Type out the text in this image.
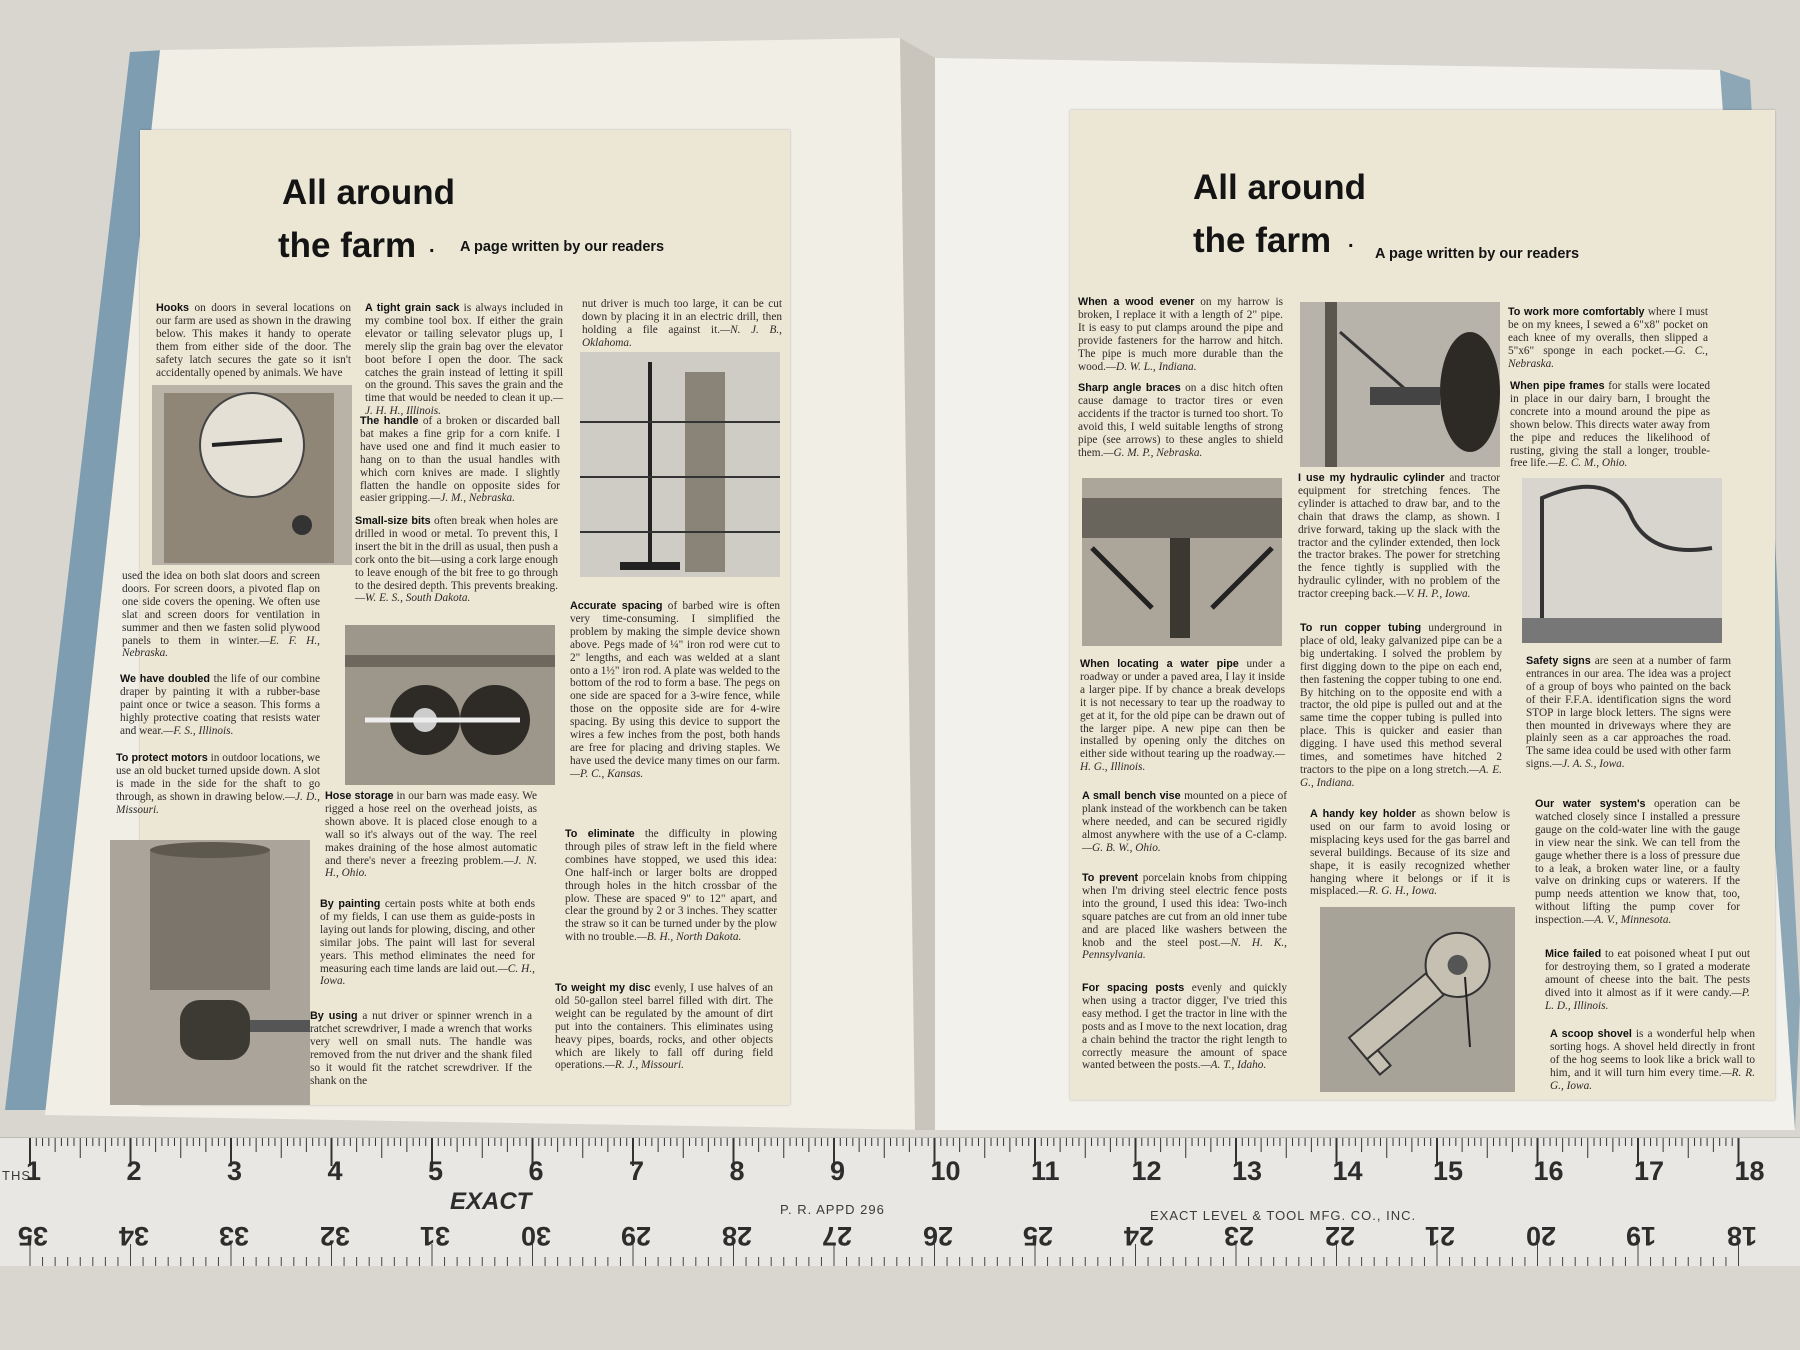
All around
the farm . A page written by our readers
Hooks on doors in several locations on our farm are used as shown in the drawing below. This makes it handy to operate them from either side of the door. The safety latch secures the gate so it isn't accidentally opened by animals. We have
used the idea on both slat doors and screen doors. For screen doors, a pivoted flap on one side covers the opening. We often use slat and screen doors for ventilation in summer and then we fasten solid plywood panels to them in winter.—E. F. H., Nebraska.
We have doubled the life of our combine draper by painting it with a rubber-base paint once or twice a season. This forms a highly protective coating that resists water and wear.—F. S., Illinois.
To protect motors in outdoor locations, we use an old bucket turned upside down. A slot is made in the side for the shaft to go through, as shown in drawing below.—J. D., Missouri.
A tight grain sack is always included in my combine tool box. If either the grain elevator or tailing selevator plugs up, I merely slip the grain bag over the elevator boot before I open the door. The sack catches the grain instead of letting it spill on the ground. This saves the grain and the time that would be needed to clean it up.—J. H. H., Illinois.
The handle of a broken or discarded ball bat makes a fine grip for a corn knife. I have used one and find it much easier to hang on to than the usual handles with which corn knives are made. I slightly flatten the handle on opposite sides for easier gripping.—J. M., Nebraska.
Small-size bits often break when holes are drilled in wood or metal. To prevent this, I insert the bit in the drill as usual, then push a cork onto the bit—using a cork large enough to leave enough of the bit free to go through to the desired depth. This prevents breaking.—W. E. S., South Dakota.
Hose storage in our barn was made easy. We rigged a hose reel on the overhead joists, as shown above. It is placed close enough to a wall so it's always out of the way. The reel makes draining of the hose almost automatic and there's never a freezing problem.—J. N. H., Ohio.
By painting certain posts white at both ends of my fields, I can use them as guide-posts in laying out lands for plowing, discing, and other similar jobs. The paint will last for several years. This method eliminates the need for measuring each time lands are laid out.—C. H., Iowa.
By using a nut driver or spinner wrench in a ratchet screwdriver, I made a wrench that works very well on small nuts. The handle was removed from the nut driver and the shank filed so it would fit the ratchet screwdriver. If the shank on the
nut driver is much too large, it can be cut down by placing it in an electric drill, then holding a file against it.—N. J. B., Oklahoma.
Accurate spacing of barbed wire is often very time-consuming. I simplified the problem by making the simple device shown above. Pegs made of ¼" iron rod were cut to 2" lengths, and each was welded at a slant onto a 1½" iron rod. A plate was welded to the bottom of the rod to form a base. The pegs on one side are spaced for a 3-wire fence, while those on the opposite side are for 4-wire spacing. By using this device to support the wires a few inches from the post, both hands are free for placing and driving staples. We have used the device many times on our farm.—P. C., Kansas.
To eliminate the difficulty in plowing through piles of straw left in the field where combines have stopped, we used this idea: One half-inch or larger bolts are dropped through holes in the hitch crossbar of the plow. These are spaced 9" to 12" apart, and clear the ground by 2 or 3 inches. They scatter the straw so it can be turned under by the plow with no trouble.—B. H., North Dakota.
To weight my disc evenly, I use halves of an old 50-gallon steel barrel filled with dirt. The weight can be regulated by the amount of dirt put into the containers. This eliminates using heavy pipes, boards, rocks, and other objects which are likely to fall off during field operations.—R. J., Missouri.
All around
the farm .
A page written by our readers
When a wood evener on my harrow is broken, I replace it with a length of 2" pipe. It is easy to put clamps around the pipe and provide fasteners for the harrow and hitch. The pipe is much more durable than the wood.—D. W. L., Indiana.
Sharp angle braces on a disc hitch often cause damage to tractor tires or even accidents if the tractor is turned too short. To avoid this, I weld suitable lengths of strong pipe (see arrows) to these angles to shield them.—G. M. P., Nebraska.
When locating a water pipe under a roadway or under a paved area, I lay it inside a larger pipe. If by chance a break develops it is not necessary to tear up the roadway to get at it, for the old pipe can be drawn out of the larger pipe. A new pipe can then be installed by opening only the ditches on either side without tearing up the roadway.—H. G., Illinois.
A small bench vise mounted on a piece of plank instead of the workbench can be taken where needed, and can be secured rigidly almost anywhere with the use of a C-clamp.—G. B. W., Ohio.
To prevent porcelain knobs from chipping when I'm driving steel electric fence posts into the ground, I used this idea: Two-inch square patches are cut from an old inner tube and are placed like washers between the knob and the steel post.—N. H. K., Pennsylvania.
For spacing posts evenly and quickly when using a tractor digger, I've tried this easy method. I get the tractor in line with the posts and as I move to the next location, drag a chain behind the tractor the right length to correctly measure the amount of space wanted between the posts.—A. T., Idaho.
I use my hydraulic cylinder and tractor equipment for stretching fences. The cylinder is attached to draw bar, and to the chain that draws the clamp, as shown. I drive forward, taking up the slack with the tractor and the cylinder extended, then lock the tractor brakes. The power for stretching the fence tightly is supplied with the hydraulic cylinder, with no problem of the tractor creeping back.—V. H. P., Iowa.
To run copper tubing underground in place of old, leaky galvanized pipe can be a big undertaking. I solved the problem by first digging down to the pipe on each end, then fastening the copper tubing to one end. By hitching on to the opposite end with a tractor, the old pipe is pulled out and at the same time the copper tubing is pulled into place. This is quicker and easier than digging. I have used this method several times, and sometimes have hitched 2 tractors to the pipe on a long stretch.—A. E. G., Indiana.
A handy key holder as shown below is used on our farm to avoid losing or misplacing keys used for the gas barrel and several buildings. Because of its size and shape, it is easily recognized whether hanging where it belongs or if it is misplaced.—R. G. H., Iowa.
To work more comfortably where I must be on my knees, I sewed a 6"x8" pocket on each knee of my overalls, then slipped a 5"x6" sponge in each pocket.—G. C., Nebraska.
When pipe frames for stalls were located in place in our dairy barn, I brought the concrete into a mound around the pipe as shown below. This directs water away from the pipe and reduces the likelihood of rusting, giving the stall a longer, trouble-free life.—E. C. M., Ohio.
Safety signs are seen at a number of farm entrances in our area. The idea was a project of a group of boys who painted on the back of their F.F.A. identification signs the word STOP in large block letters. The signs were then mounted in driveways where they are plainly seen as a car approaches the road. The same idea could be used with other farm signs.—J. A. S., Iowa.
Our water system's operation can be watched closely since I installed a pressure gauge on the cold-water line with the gauge in view near the sink. We can tell from the gauge whether there is a loss of pressure due to a leak, a broken water line, or a faulty valve on drinking cups or waterers. If the pump needs attention we know that, too, without lifting the pump cover for inspection.—A. V., Minnesota.
Mice failed to eat poisoned wheat I put out for destroying them, so I grated a moderate amount of cheese into the bait. The pests dived into it almost as if it were candy.—P. L. D., Illinois.
A scoop shovel is a wonderful help when sorting hogs. A shovel held directly in front of the hog seems to look like a brick wall to him, and it will turn him every time.—R. R. G., Iowa.
THS
EXACT	P. R. APPD 296	EXACT LEVEL & TOOL MFG. CO., INC.
1	2	3	4	5	6	7	8	9	10	11	12	13	14	15	16	17	18
35	34	33	32	31	30	29	28	27	26	25	24	23	22	21	20	19	18
